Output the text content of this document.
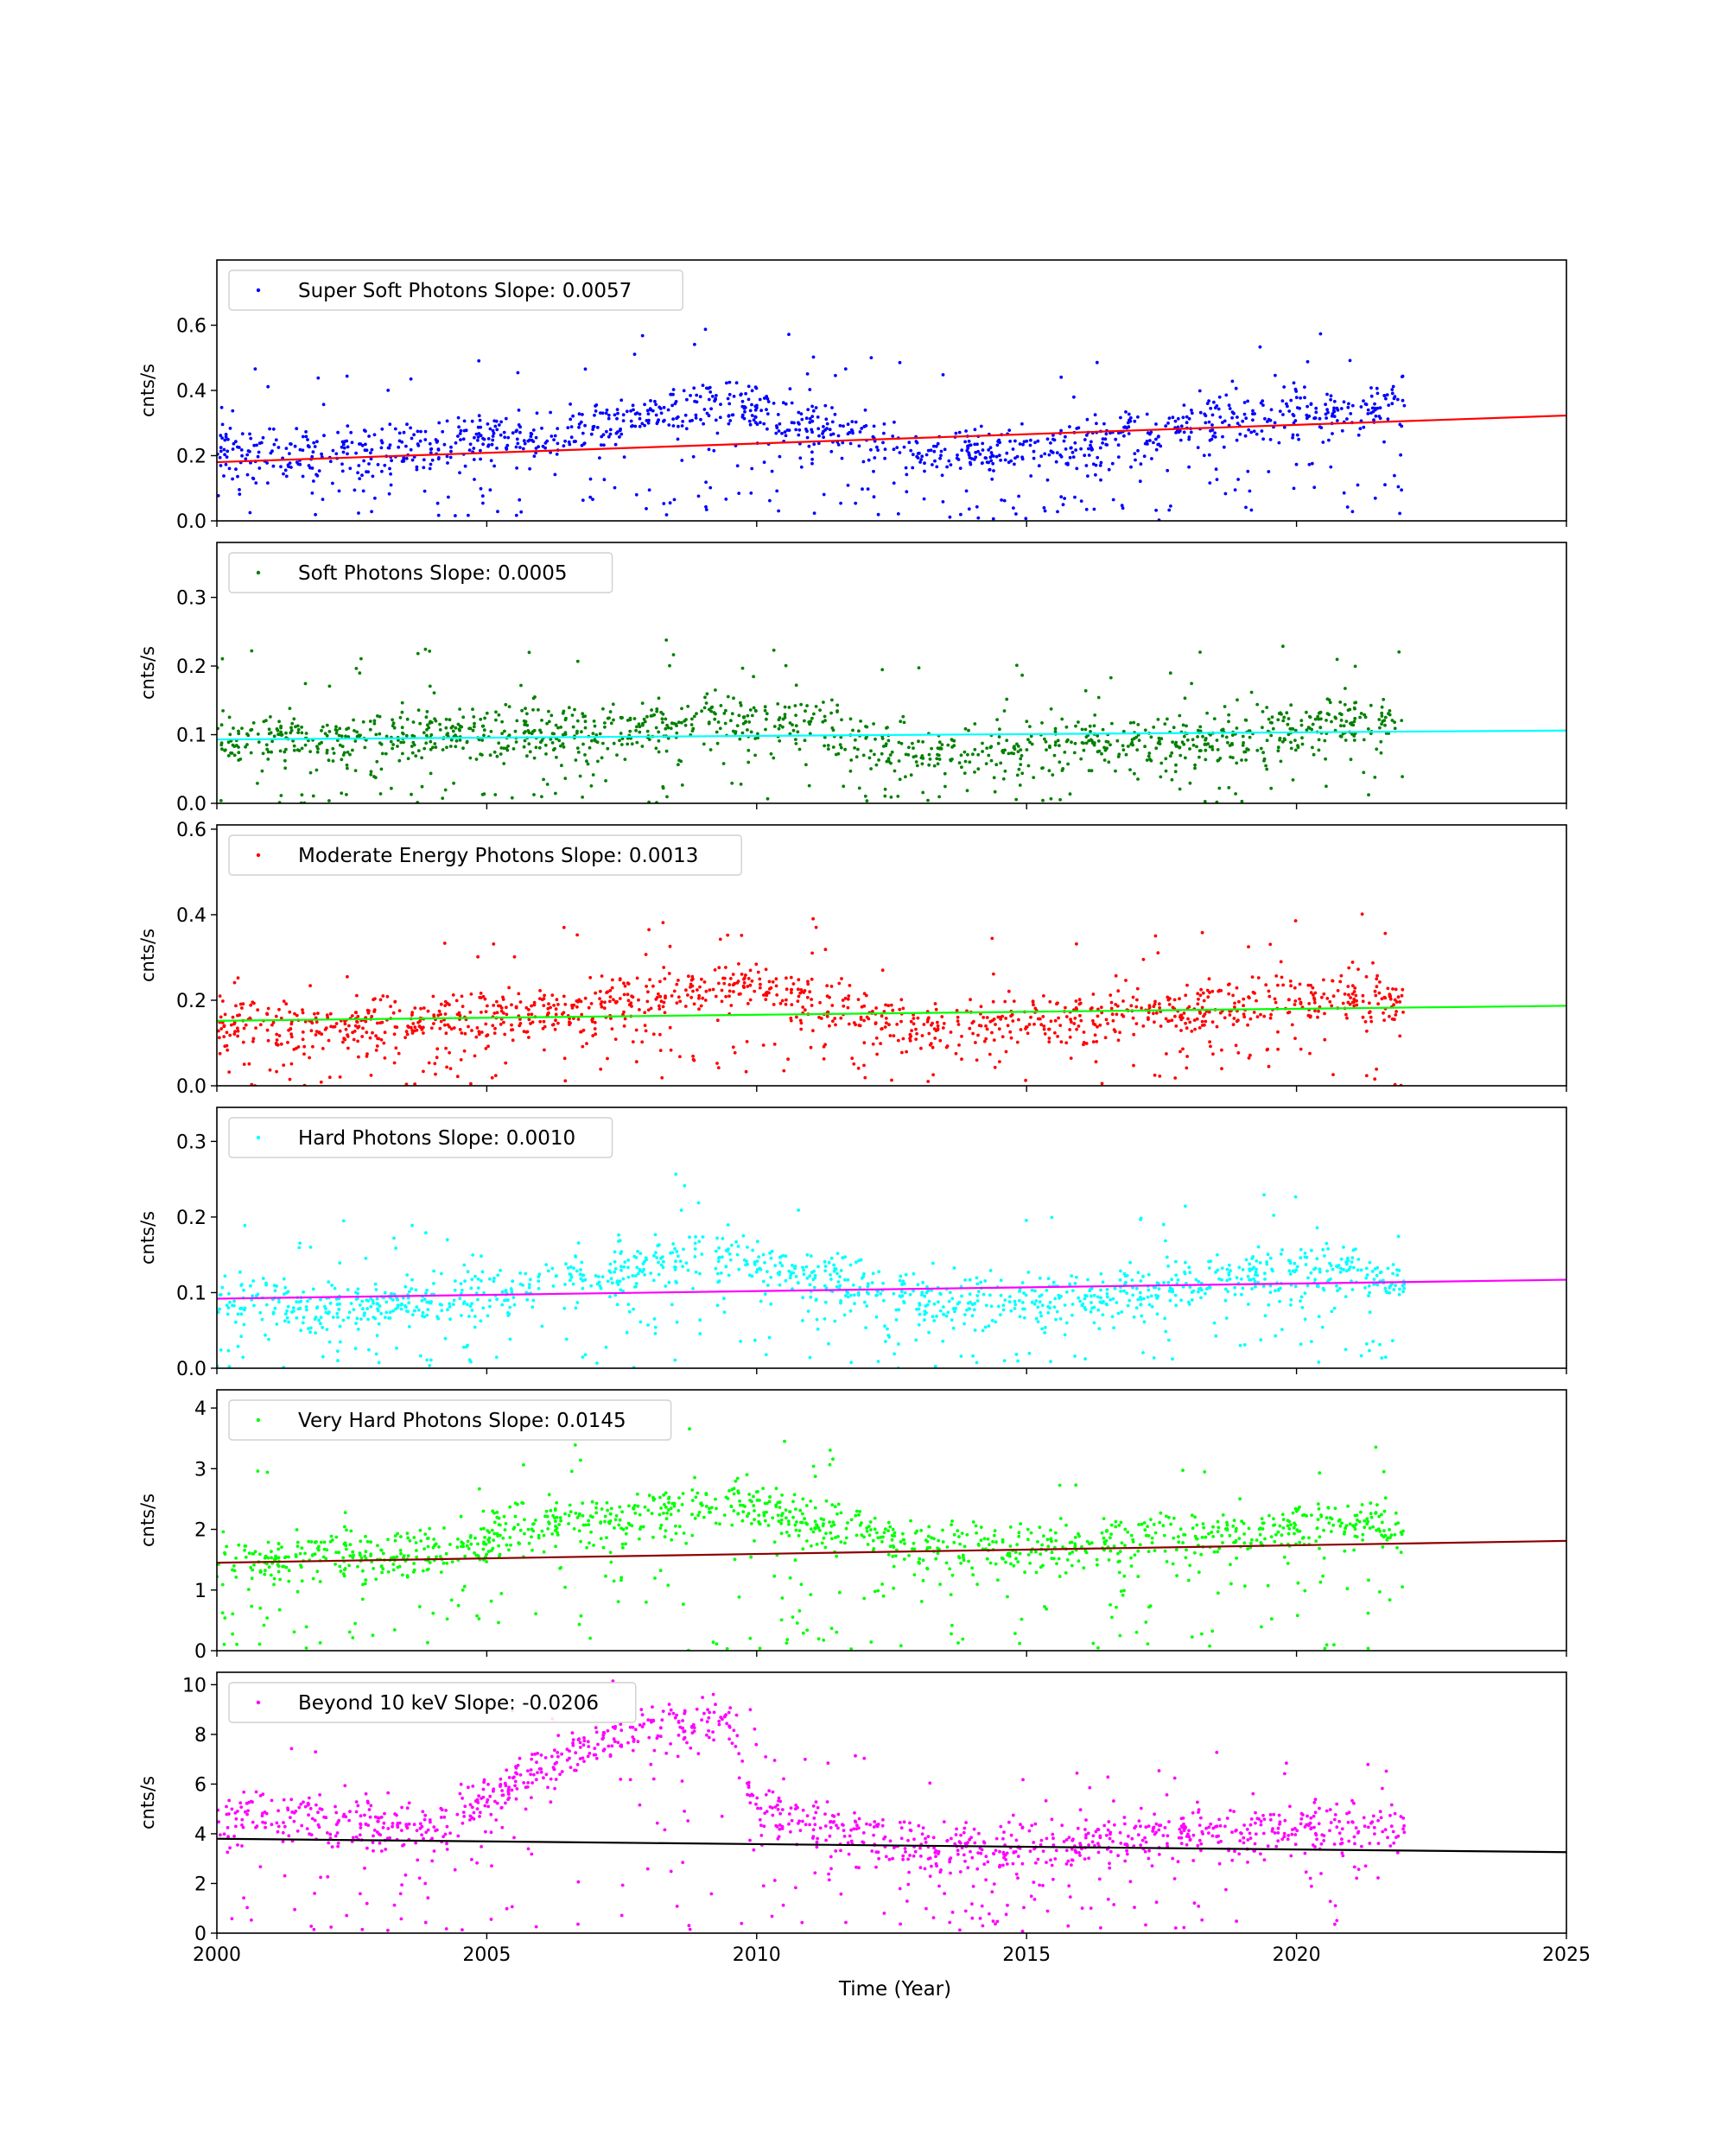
0.0
0.2
0.4
0.6
cnts/s
Super Soft Photons Slope: 0.0057
0.0
0.1
0.2
0.3
cnts/s
Soft Photons Slope: 0.0005
0.0
0.2
0.4
0.6
cnts/s
Moderate Energy Photons Slope: 0.0013
0.0
0.1
0.2
0.3
cnts/s
Hard Photons Slope: 0.0010
0
1
2
3
4
cnts/s
Very Hard Photons Slope: 0.0145
0
2
4
6
8
10
2000	2005	2010	2015	2020	2025
cnts/s
Beyond 10 keV Slope: -0.0206
Time (Year)
